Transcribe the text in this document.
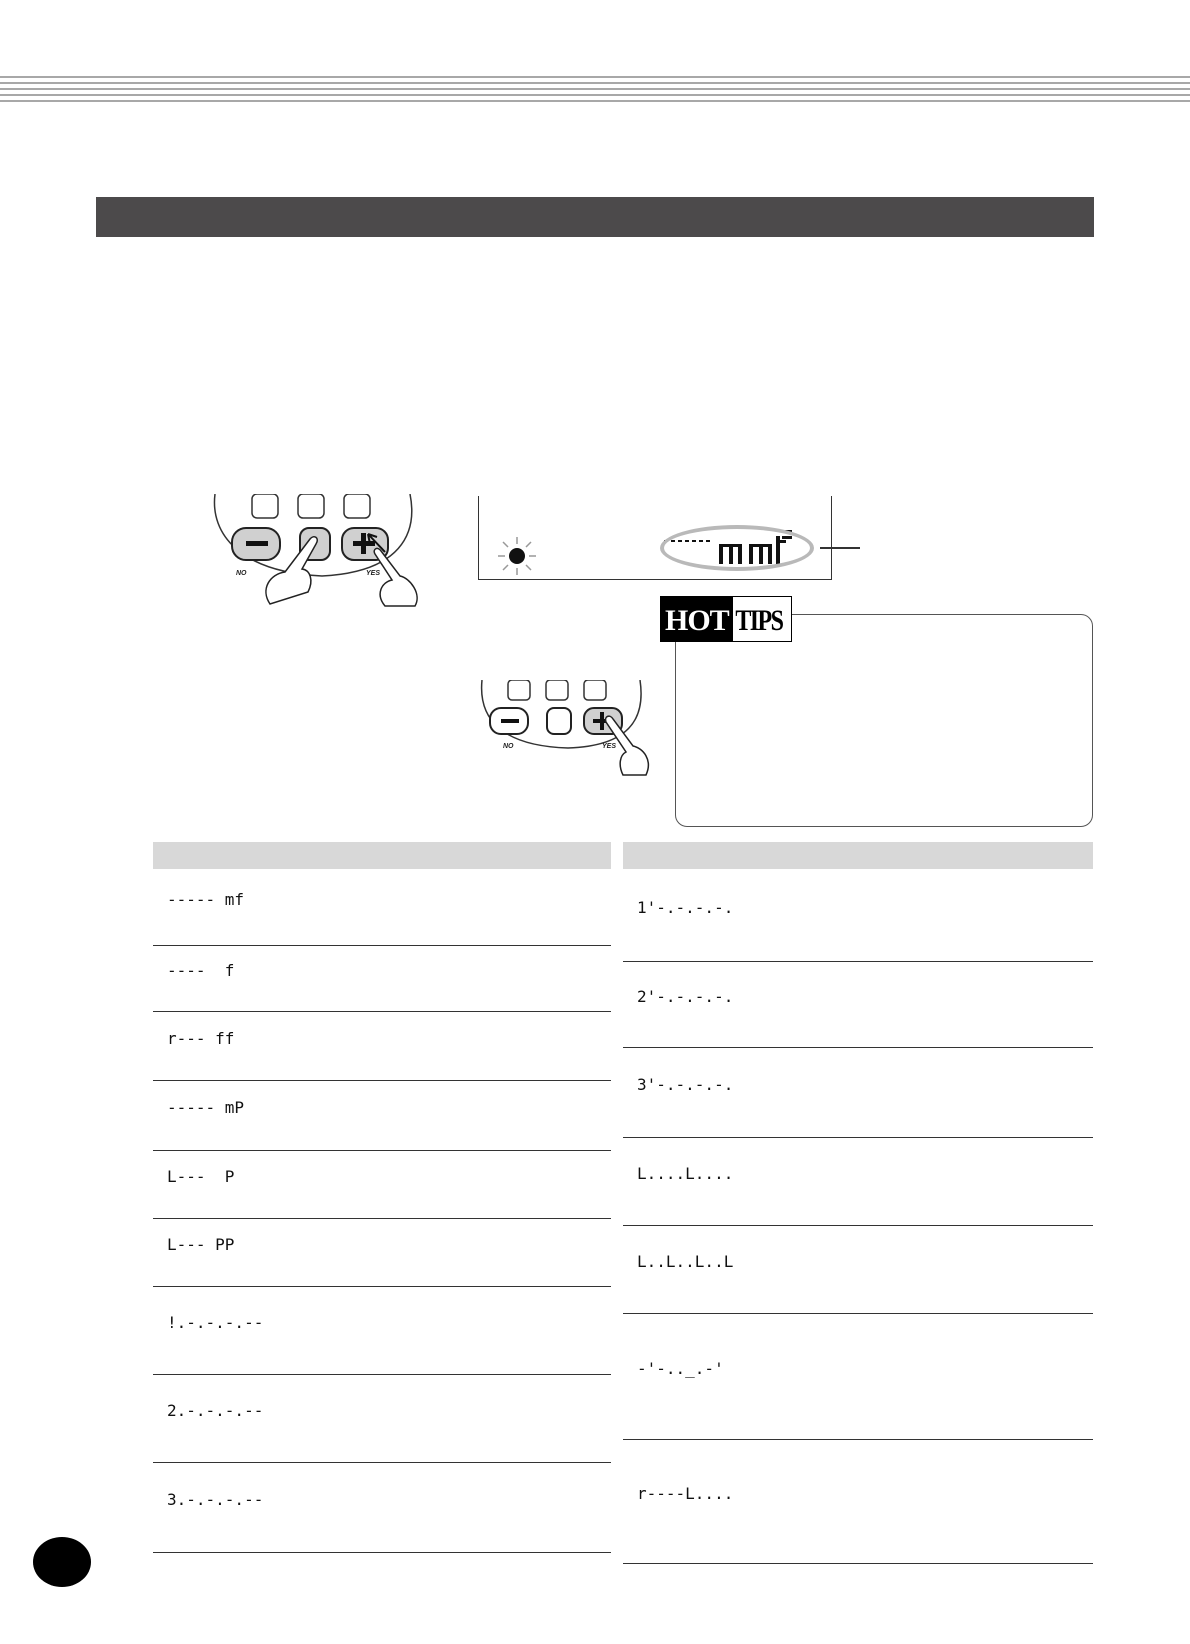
NO	YES
NO	YES
HOT TIPS
----- mf
----  f
r--- ff
----- mP
L---  P
L--- PP
!.-.-.-.--
2.-.-.-.--
3.-.-.-.--
1'-.-.-.-.
2'-.-.-.-.
3'-.-.-.-.
L....L....
L..L..L..L
-'-.._.-'
r----L....
